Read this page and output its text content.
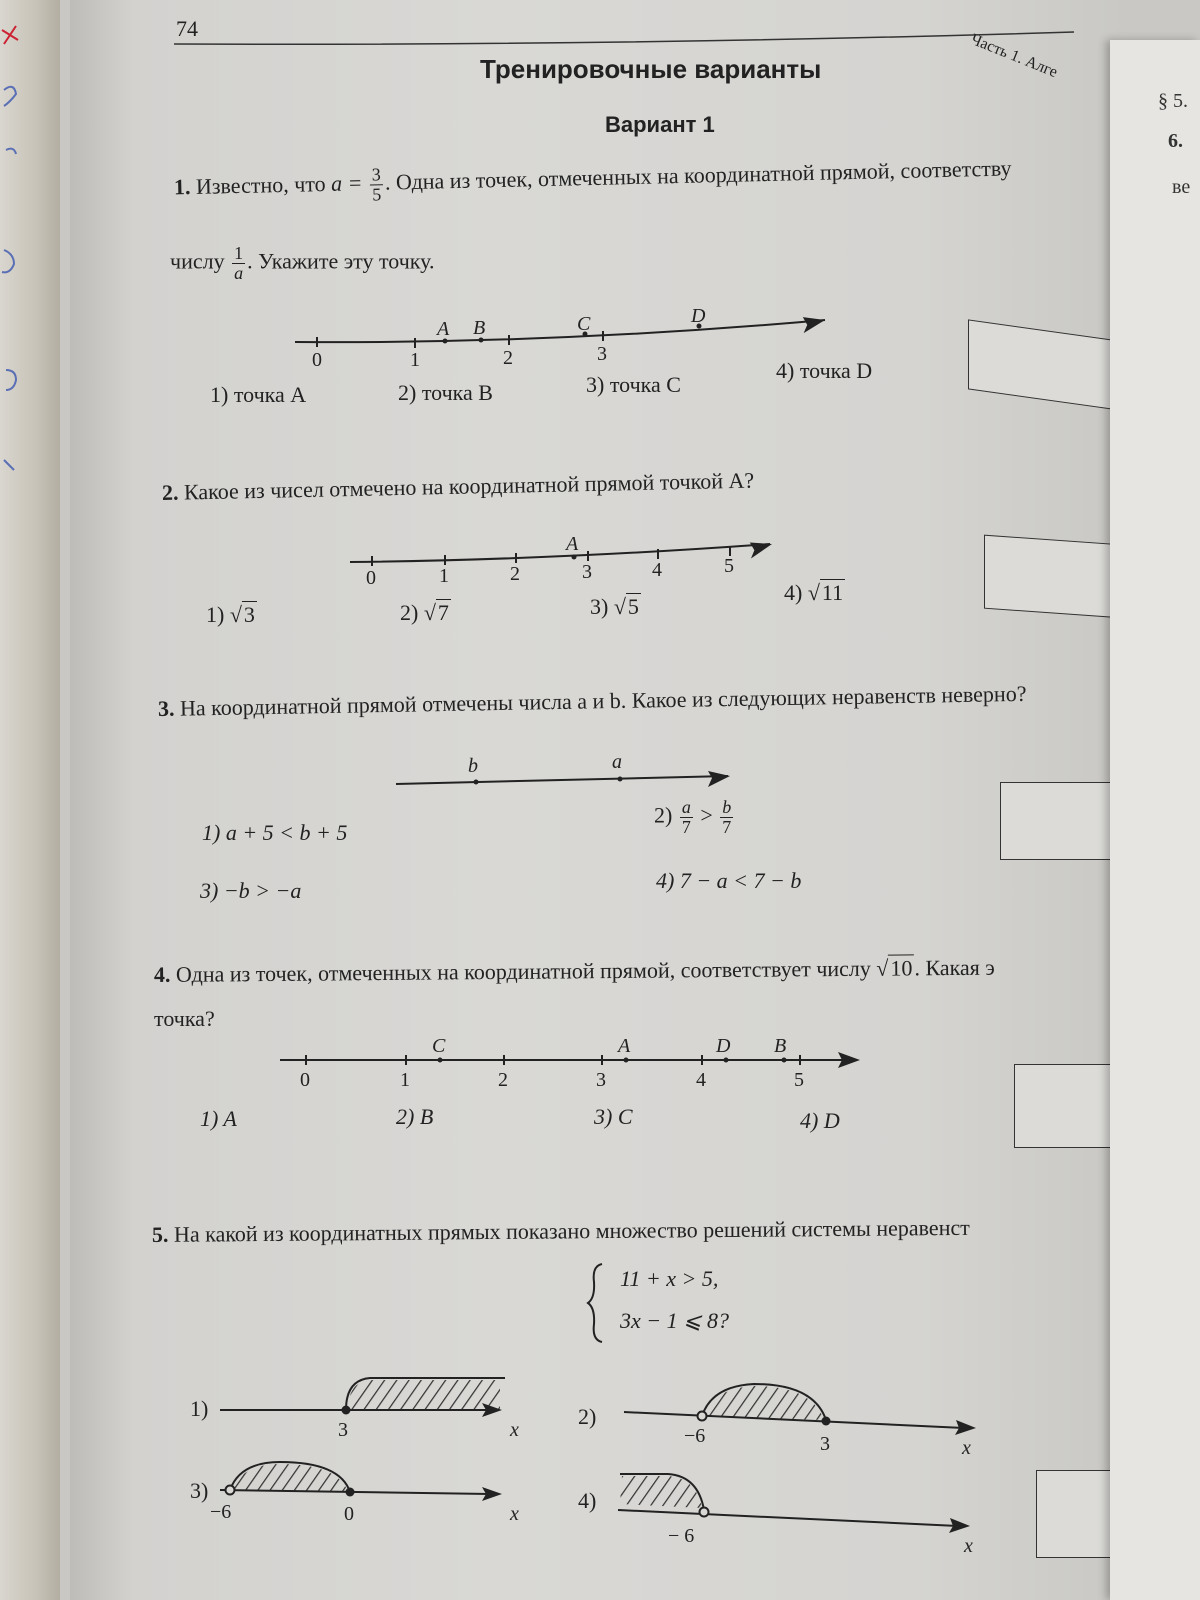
74
Часть 1. Алге
Тренировочные варианты
Вариант 1
1. Известно, что $a = \frac{3}{5}$ . Одна из точек, отмеченных на координатной прямой, соответству
числу $\frac{1}{a}$ . Укажите эту точку.
0	1	2	3
A B	C	D
1) точка A	2) точка B	3) точка C
4) точка D
2. Какое из чисел отмечено на координатной прямой точкой A?
0	1	2	3	4	5
A
1) √3	2) √7	3) √5
4) √11
3. На координатной прямой отмечены числа a и b. Какое из следующих неравенств неверно?
b	a
1) a + 5 < b + 5
$2) \frac{a}{7} > \frac{b}{7}$
3) −b > −a	4) 7 − a < 7 − b
4. Одна из точек, отмеченных на координатной прямой, соответствует числу √10. Какая э
точка?
0	1	2	3	4	5
C	A	D B
1) A	2) B	3) C	4) D
5. На какой из координатных прямых показано множество решений системы неравенст
11 + x > 5,
3x − 1 ⩽ 8?
1)
3	x
2)
−6	3	x
3)
−6	0	x
4)
− 6	x
§ 5.
6.
ве
